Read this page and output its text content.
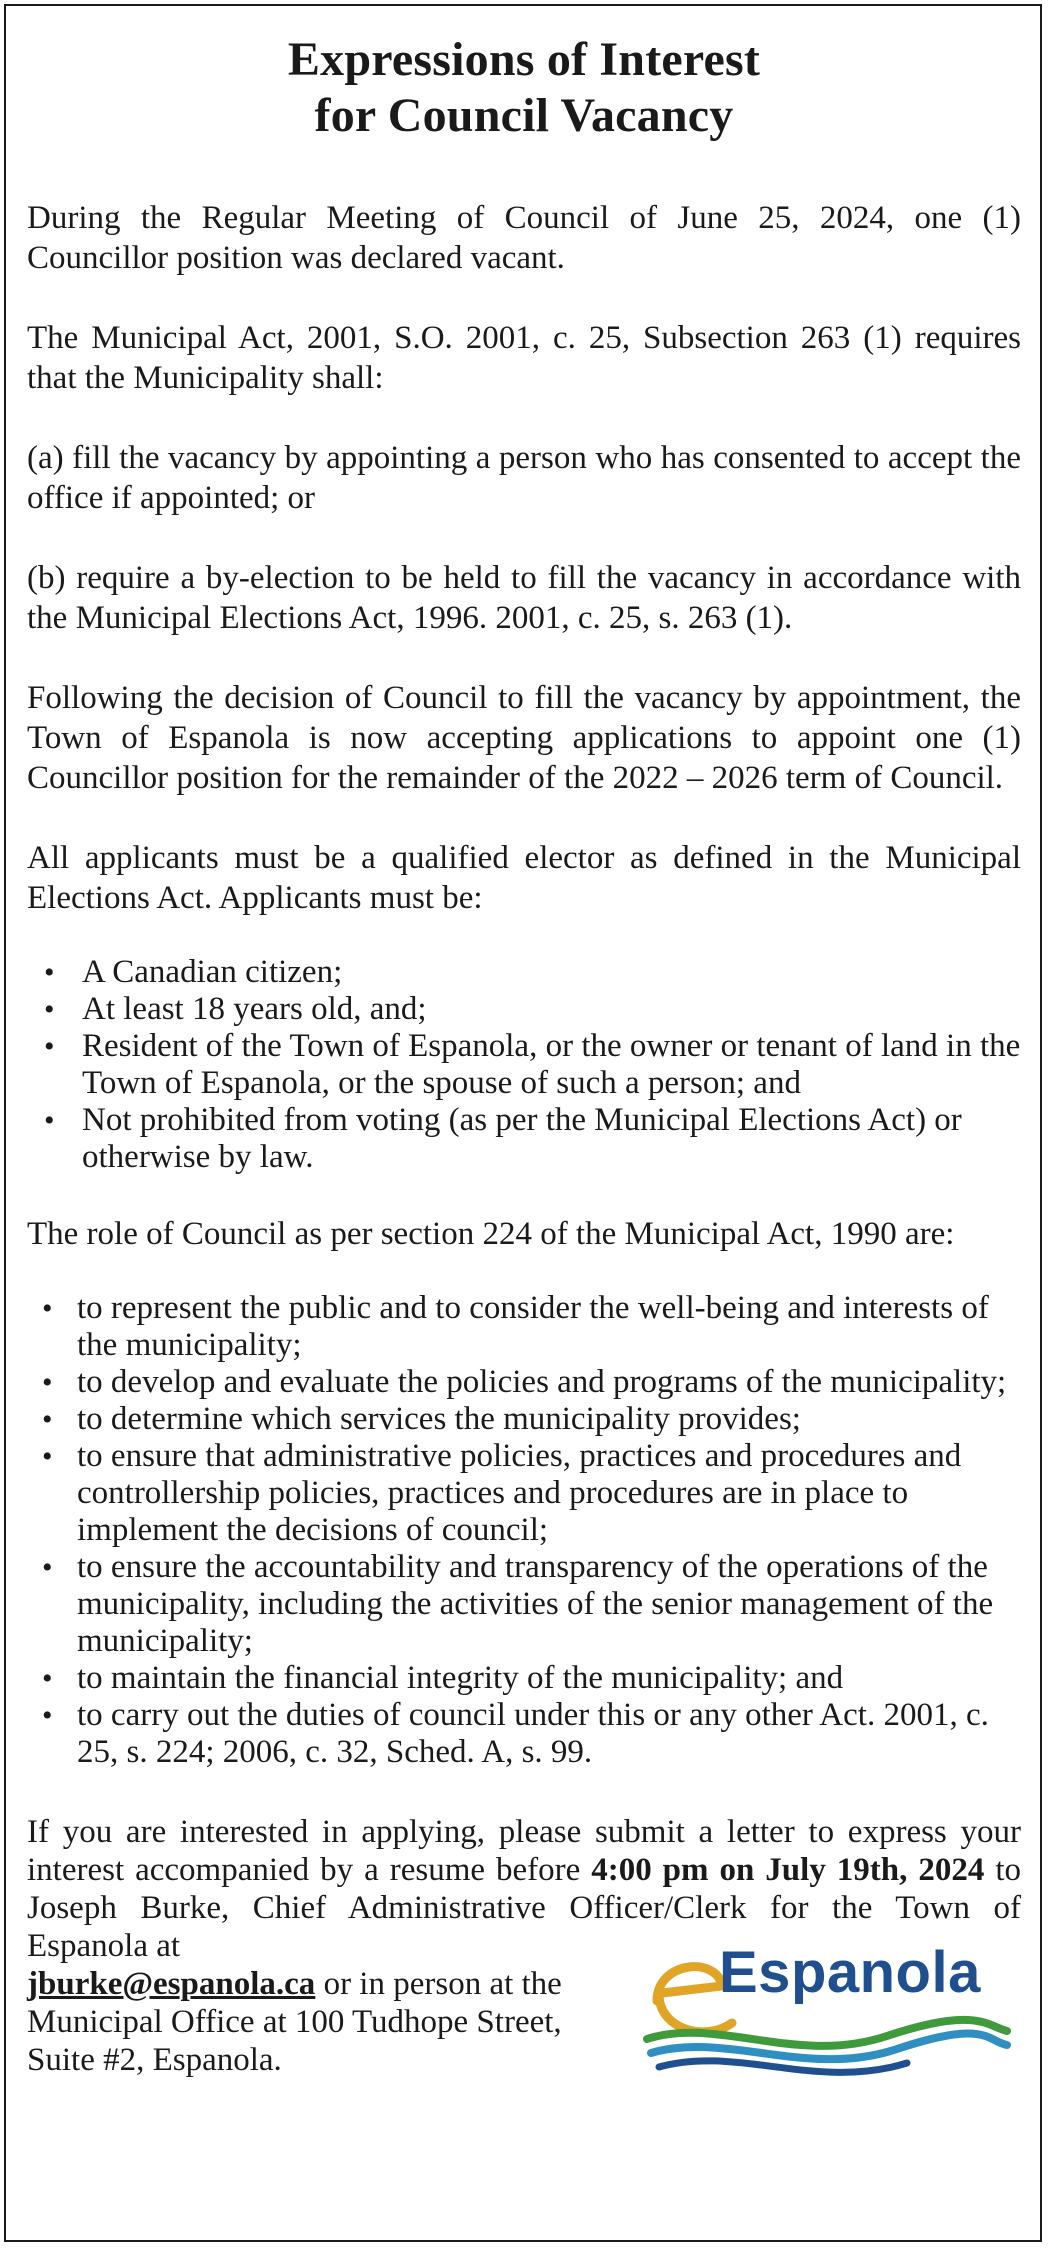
Expressions of Interest
for Council Vacancy

During the Regular Meeting of Council of June 25, 2024, one (1) Councillor position was declared vacant.

The Municipal Act, 2001, S.O. 2001, c. 25, Subsection 263 (1) requires that the Municipality shall:

(a) fill the vacancy by appointing a person who has consented to accept the office if appointed; or

(b) require a by-election to be held to fill the vacancy in accordance with the Municipal Elections Act, 1996. 2001, c. 25, s. 263 (1).

Following the decision of Council to fill the vacancy by appointment, the Town of Espanola is now accepting applications to appoint one (1) Councillor position for the remainder of the 2022 – 2026 term of Council.

All applicants must be a qualified elector as defined in the Municipal Elections Act. Applicants must be:

• A Canadian citizen;
• At least 18 years old, and;
• Resident of the Town of Espanola, or the owner or tenant of land in the Town of Espanola, or the spouse of such a person; and
• Not prohibited from voting (as per the Municipal Elections Act) or otherwise by law.

The role of Council as per section 224 of the Municipal Act, 1990 are:

• to represent the public and to consider the well-being and interests of the municipality;
• to develop and evaluate the policies and programs of the municipality;
• to determine which services the municipality provides;
• to ensure that administrative policies, practices and procedures and controllership policies, practices and procedures are in place to implement the decisions of council;
• to ensure the accountability and transparency of the operations of the municipality, including the activities of the senior management of the municipality;
• to maintain the financial integrity of the municipality; and
• to carry out the duties of council under this or any other Act. 2001, c. 25, s. 224; 2006, c. 32, Sched. A, s. 99.

If you are interested in applying, please submit a letter to express your interest accompanied by a resume before 4:00 pm on July 19th, 2024 to Joseph Burke, Chief Administrative Officer/Clerk for the Town of Espanola at

jburke@espanola.ca or in person at the Municipal Office at 100 Tudhope Street, Suite #2, Espanola.

Espanola
